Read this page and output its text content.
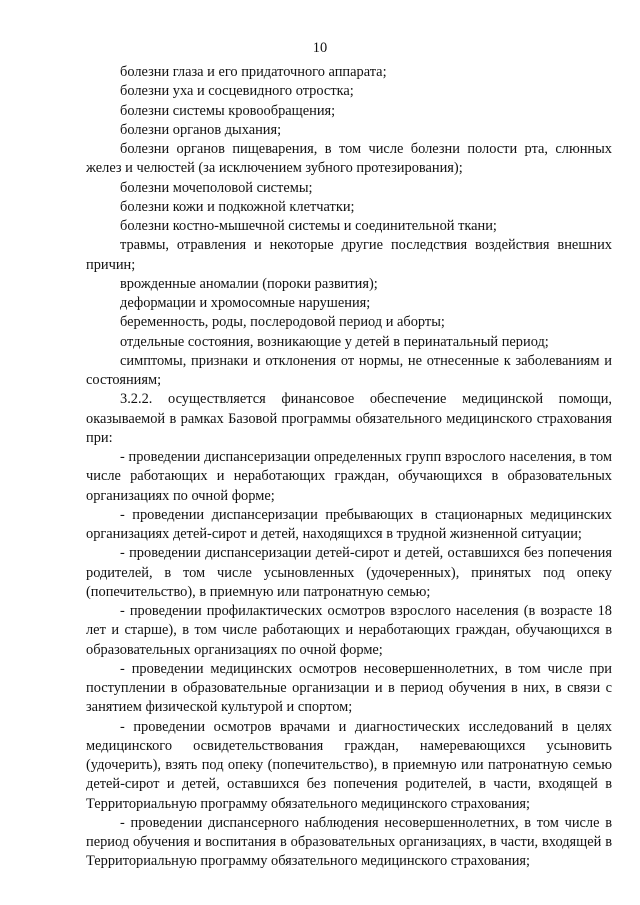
10

болезни глаза и его придаточного аппарата;

болезни уха и сосцевидного отростка;

болезни системы кровообращения;

болезни органов дыхания;

болезни органов пищеварения, в том числе болезни полости рта, слюнных желез и челюстей (за исключением зубного протезирования);

болезни мочеполовой системы;

болезни кожи и подкожной клетчатки;

болезни костно-мышечной системы и соединительной ткани;

травмы, отравления и некоторые другие последствия воздействия внешних причин;

врожденные аномалии (пороки развития);

деформации и хромосомные нарушения;

беременность, роды, послеродовой период и аборты;

отдельные состояния, возникающие у детей в перинатальный период;

симптомы, признаки и отклонения от нормы, не отнесенные к заболеваниям и состояниям;

3.2.2. осуществляется финансовое обеспечение медицинской помощи, оказываемой в рамках Базовой программы обязательного медицинского страхования при:

- проведении диспансеризации определенных групп взрослого населения, в том числе работающих и неработающих граждан, обучающихся в образовательных организациях по очной форме;

- проведении диспансеризации пребывающих в стационарных медицинских организациях детей-сирот и детей, находящихся в трудной жизненной ситуации;

- проведении диспансеризации детей-сирот и детей, оставшихся без попечения родителей, в том числе усыновленных (удочеренных), принятых под опеку (попечительство), в приемную или патронатную семью;

- проведении профилактических осмотров взрослого населения (в возрасте 18 лет и старше), в том числе работающих и неработающих граждан, обучающихся в образовательных организациях по очной форме;

- проведении медицинских осмотров несовершеннолетних, в том числе при поступлении в образовательные организации и в период обучения в них, в связи с занятием физической культурой и спортом;

- проведении осмотров врачами и диагностических исследований в целях медицинского освидетельствования граждан, намеревающихся усыновить (удочерить), взять под опеку (попечительство), в приемную или патронатную семью детей-сирот и детей, оставшихся без попечения родителей, в части, входящей в Территориальную программу обязательного медицинского страхования;

- проведении диспансерного наблюдения несовершеннолетних, в том числе в период обучения и воспитания в образовательных организациях, в части, входящей в Территориальную программу обязательного медицинского страхования;
